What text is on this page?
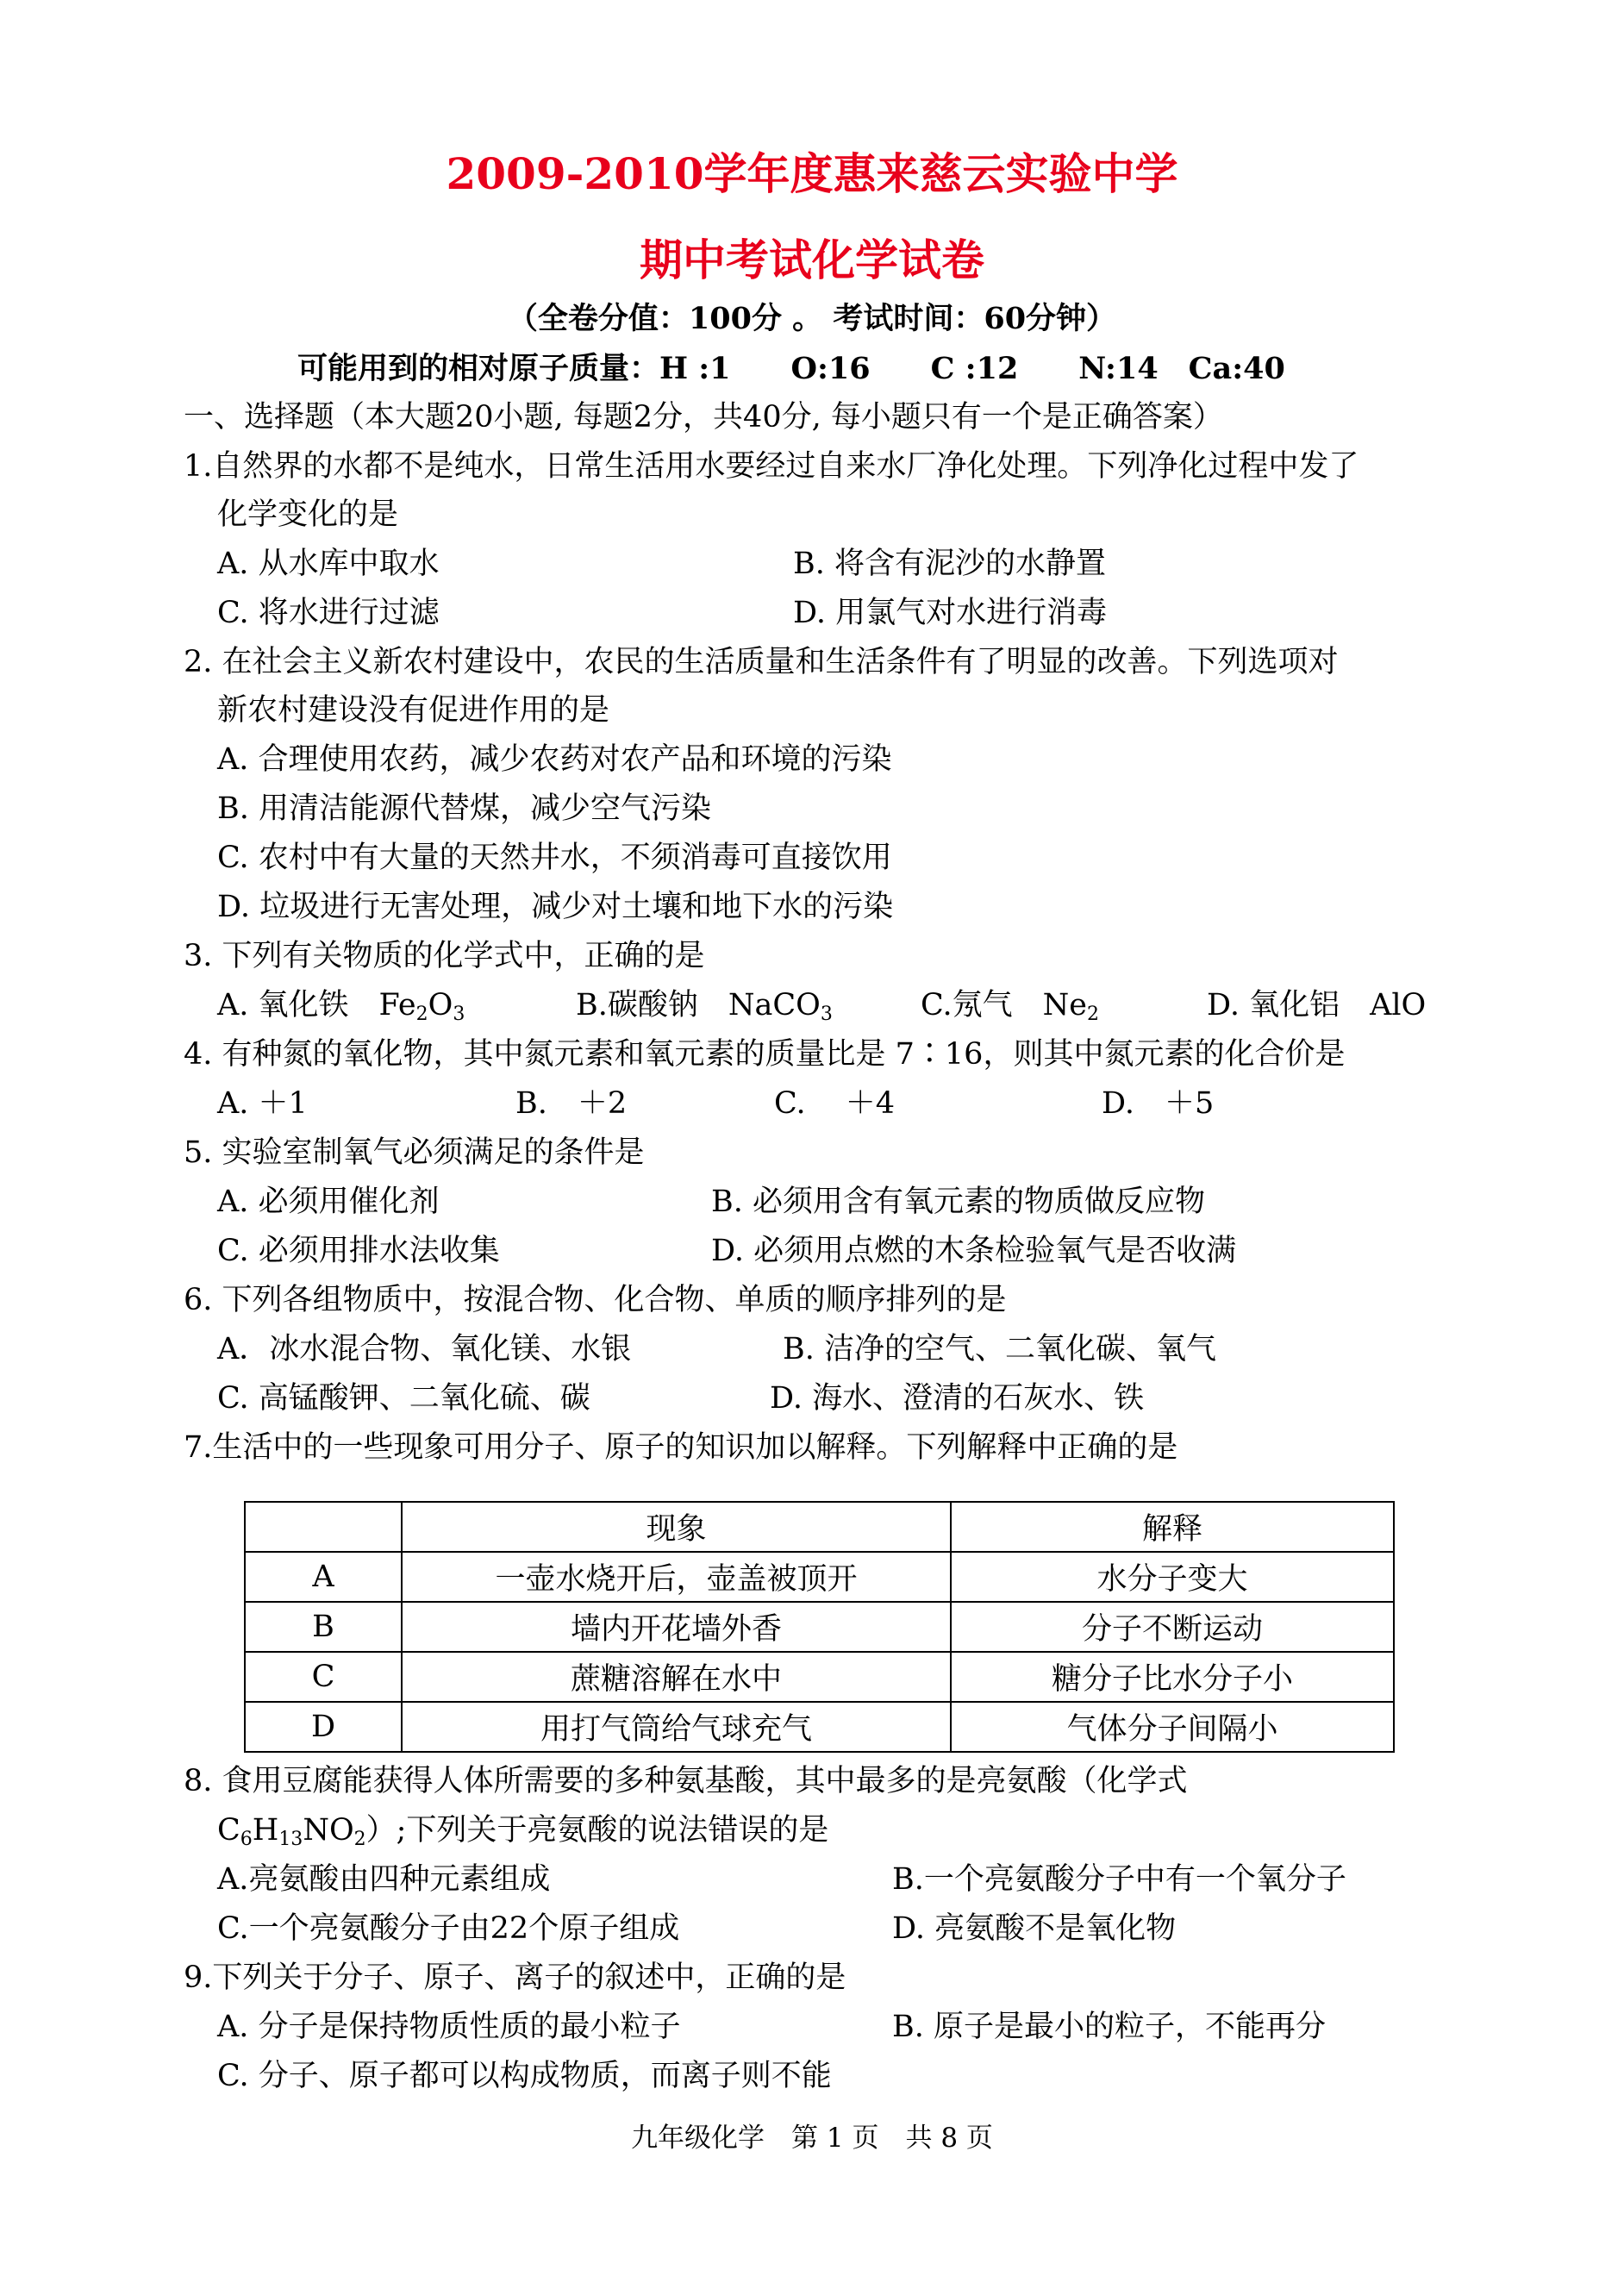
2009-2010学年度惠来慈云实验中学
期中考试化学试卷
（全卷分值：100分 。 考试时间：60分钟）
可能用到的相对原子质量：H :1　　O:16　　C :12　　N:14　Ca:40
一、选择题（本大题20小题, 每题2分，共40分, 每小题只有一个是正确答案）
1.自然界的水都不是纯水，日常生活用水要经过自来水厂净化处理。下列净化过程中发了
化学变化的是
A. 从水库中取水	B. 将含有泥沙的水静置
C. 将水进行过滤	D. 用氯气对水进行消毒
2. 在社会主义新农村建设中，农民的生活质量和生活条件有了明显的改善。下列选项对
新农村建设没有促进作用的是
A. 合理使用农药，减少农药对农产品和环境的污染
B. 用清洁能源代替煤，减少空气污染
C. 农村中有大量的天然井水，不须消毒可直接饮用
D. 垃圾进行无害处理，减少对土壤和地下水的污染
3. 下列有关物质的化学式中，正确的是
A. 氧化铁　$Fe_2O_3$	B.碳酸钠　NaCO$_3$	C.氖气　$Ne_2$	D. 氧化铝　AlO
4. 有种氮的氧化物，其中氮元素和氧元素的质量比是 7∶16，则其中氮元素的化合价是
A. ＋1	B.　＋2	C.　 ＋4	D.　＋5
5. 实验室制氧气必须满足的条件是
A. 必须用催化剂	B. 必须用含有氧元素的物质做反应物
C. 必须用排水法收集	D. 必须用点燃的木条检验氧气是否收满
6. 下列各组物质中，按混合物、化合物、单质的顺序排列的是
A．冰水混合物、氧化镁、水银	B. 洁净的空气、二氧化碳、氧气
C. 高锰酸钾、二氧化硫、碳	D. 海水、澄清的石灰水、铁
7.生活中的一些现象可用分子、原子的知识加以解释。下列解释中正确的是
	现象	解释
A	一壶水烧开后，壶盖被顶开	水分子变大
B	墙内开花墙外香	分子不断运动
C	蔗糖溶解在水中	糖分子比水分子小
D	用打气筒给气球充气	气体分子间隔小
8. 食用豆腐能获得人体所需要的多种氨基酸，其中最多的是亮氨酸（化学式
$C_6H_{13}NO_2$）;下列关于亮氨酸的说法错误的是
A.亮氨酸由四种元素组成	B.一个亮氨酸分子中有一个氧分子
C.一个亮氨酸分子由22个原子组成	D. 亮氨酸不是氧化物
9.下列关于分子、原子、离子的叙述中，正确的是
A. 分子是保持物质性质的最小粒子	B. 原子是最小的粒子，不能再分
C. 分子、原子都可以构成物质，而离子则不能
九年级化学　第 1 页　共 8 页
